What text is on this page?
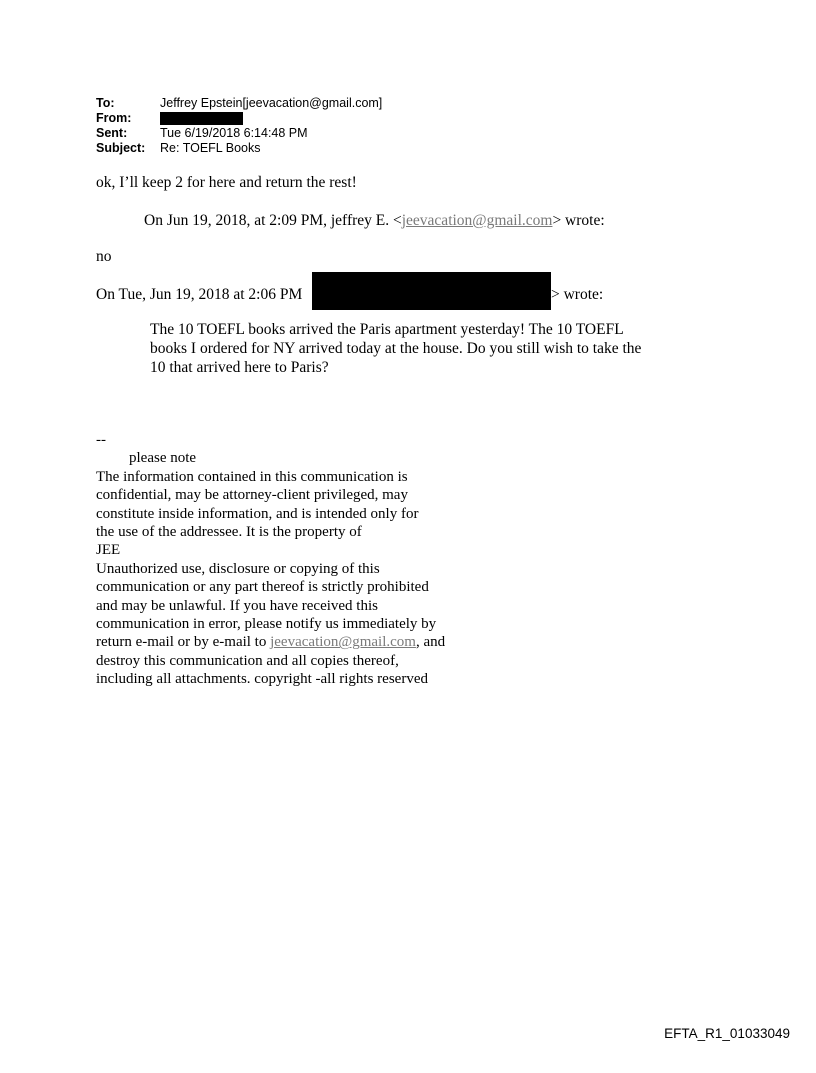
To:	Jeffrey Epstein[jeevacation@gmail.com]
From:
Sent:	Tue 6/19/2018 6:14:48 PM
Subject:	Re: TOEFL Books
ok, I’ll keep 2 for here and return the rest!
On Jun 19, 2018, at 2:09 PM, jeffrey E. <jeevacation@gmail.com> wrote:
no
On Tue, Jun 19, 2018 at 2:06 PM	> wrote:

The 10 TOEFL books arrived the Paris apartment yesterday! The 10 TOEFL

books I ordered for NY arrived today at the house. Do you still wish to take the

10 that arrived here to Paris?

--

please note

The information contained in this communication is

confidential, may be attorney-client privileged, may

constitute inside information, and is intended only for

the use of the addressee. It is the property of

JEE

Unauthorized use, disclosure or copying of this

communication or any part thereof is strictly prohibited

and may be unlawful. If you have received this

communication in error, please notify us immediately by

return e-mail or by e-mail to jeevacation@gmail.com, and

destroy this communication and all copies thereof,

including all attachments. copyright -all rights reserved

EFTA_R1_01033049
